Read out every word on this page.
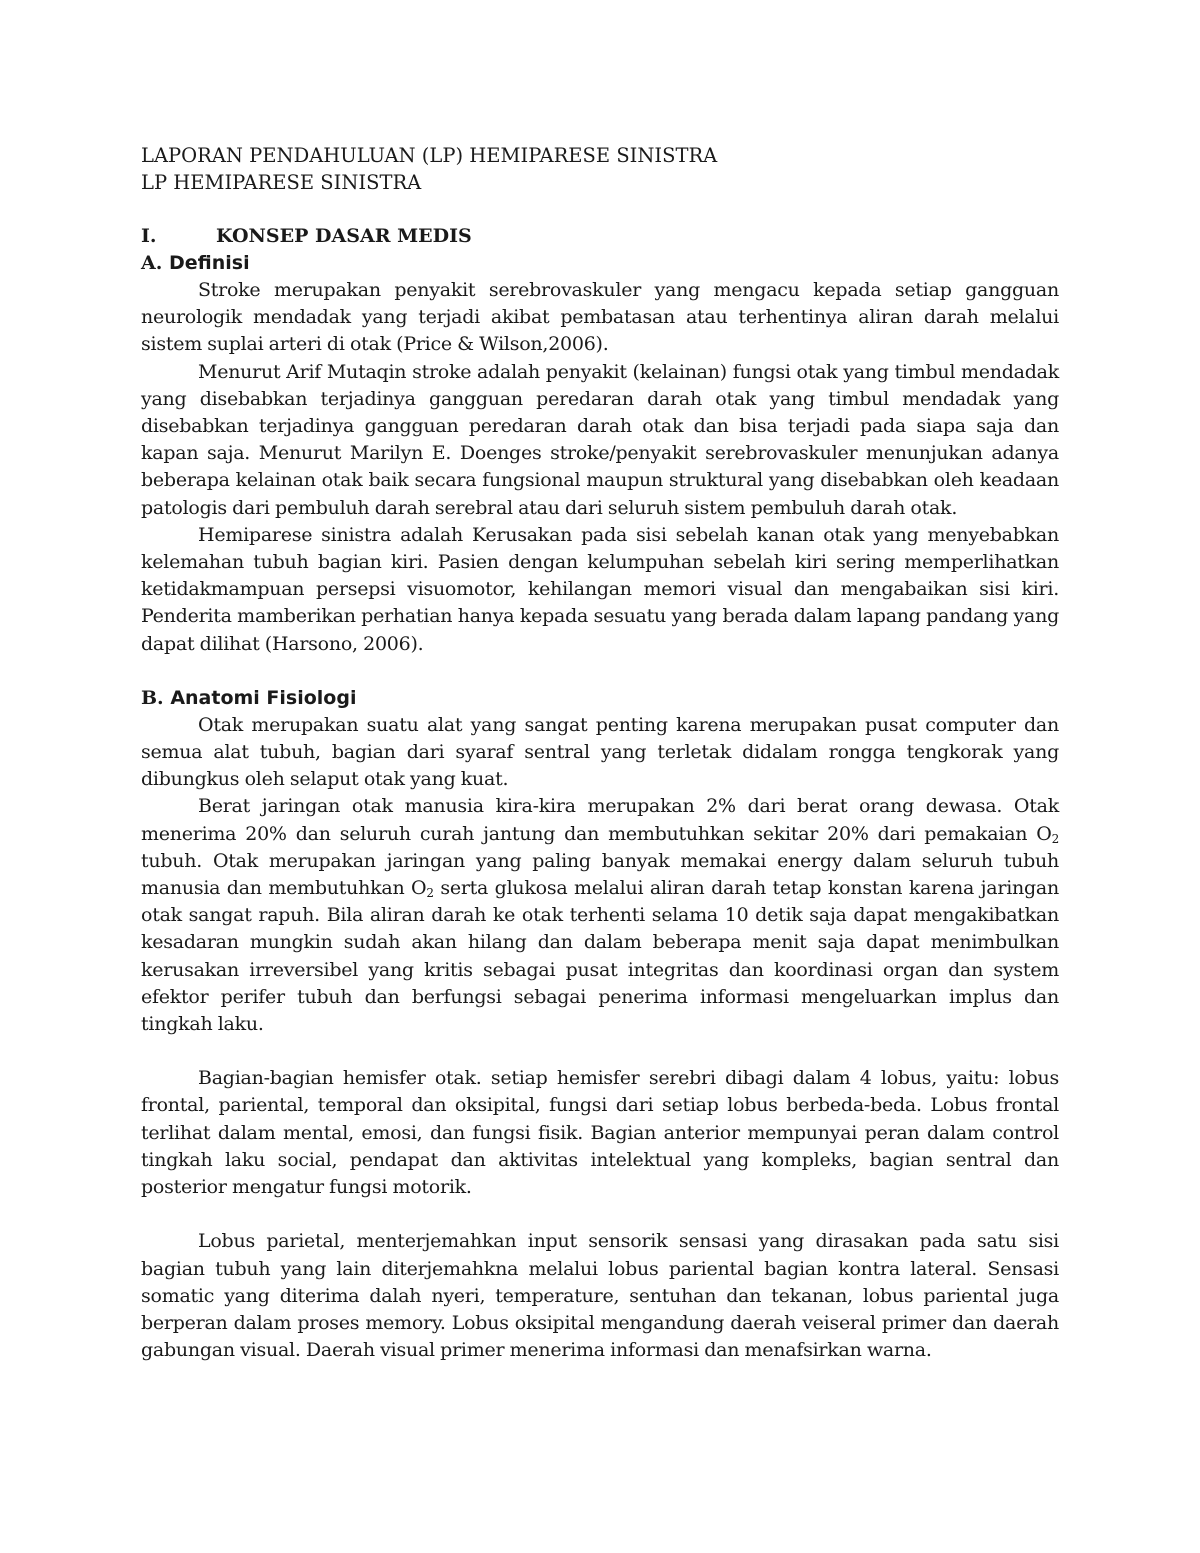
LAPORAN PENDAHULUAN (LP) HEMIPARESE SINISTRA
LP HEMIPARESE SINISTRA
I.	KONSEP DASAR MEDIS
A. Definisi

Stroke merupakan penyakit serebrovaskuler yang mengacu kepada setiap gangguan neurologik mendadak yang terjadi akibat pembatasan atau terhentinya aliran darah melalui sistem suplai arteri di otak (Price & Wilson,2006).

Menurut Arif Mutaqin stroke adalah penyakit (kelainan) fungsi otak yang timbul mendadak yang disebabkan terjadinya gangguan peredaran darah otak yang timbul mendadak yang disebabkan terjadinya gangguan peredaran darah otak dan bisa terjadi pada siapa saja dan kapan saja. Menurut Marilyn E. Doenges stroke/penyakit serebrovaskuler menunjukan adanya beberapa kelainan otak baik secara fungsional maupun struktural yang disebabkan oleh keadaan patologis dari pembuluh darah serebral atau dari seluruh sistem pembuluh darah otak.

Hemiparese sinistra adalah Kerusakan pada sisi sebelah kanan otak yang menyebabkan kelemahan tubuh bagian kiri. Pasien dengan kelumpuhan sebelah kiri sering memperlihatkan ketidakmampuan persepsi visuomotor, kehilangan memori visual dan mengabaikan sisi kiri. Penderita mamberikan perhatian hanya kepada sesuatu yang berada dalam lapang pandang yang dapat dilihat (Harsono, 2006).

B. Anatomi Fisiologi

Otak merupakan suatu alat yang sangat penting karena merupakan pusat computer dan semua alat tubuh, bagian dari syaraf sentral yang terletak didalam rongga tengkorak yang dibungkus oleh selaput otak yang kuat.

Berat jaringan otak manusia kira-kira merupakan 2% dari berat orang dewasa. Otak menerima 20% dan seluruh curah jantung dan membutuhkan sekitar 20% dari pemakaian $O_2$ tubuh. Otak merupakan jaringan yang paling banyak memakai energy dalam seluruh tubuh manusia dan membutuhkan $O_2$ serta glukosa melalui aliran darah tetap konstan karena jaringan otak sangat rapuh. Bila aliran darah ke otak terhenti selama 10 detik saja dapat mengakibatkan kesadaran mungkin sudah akan hilang dan dalam beberapa menit saja dapat menimbulkan kerusakan irreversibel yang kritis sebagai pusat integritas dan koordinasi organ dan system efektor perifer tubuh dan berfungsi sebagai penerima informasi mengeluarkan implus dan tingkah laku.

Bagian-bagian hemisfer otak. setiap hemisfer serebri dibagi dalam 4 lobus, yaitu: lobus frontal, pariental, temporal dan oksipital, fungsi dari setiap lobus berbeda-beda. Lobus frontal terlihat dalam mental, emosi, dan fungsi fisik. Bagian anterior mempunyai peran dalam control tingkah laku social, pendapat dan aktivitas intelektual yang kompleks, bagian sentral dan posterior mengatur fungsi motorik.

Lobus parietal, menterjemahkan input sensorik sensasi yang dirasakan pada satu sisi bagian tubuh yang lain diterjemahkna melalui lobus pariental bagian kontra lateral. Sensasi somatic yang diterima dalah nyeri, temperature, sentuhan dan tekanan, lobus pariental juga berperan dalam proses memory. Lobus oksipital mengandung daerah veiseral primer dan daerah gabungan visual. Daerah visual primer menerima informasi dan menafsirkan warna.
